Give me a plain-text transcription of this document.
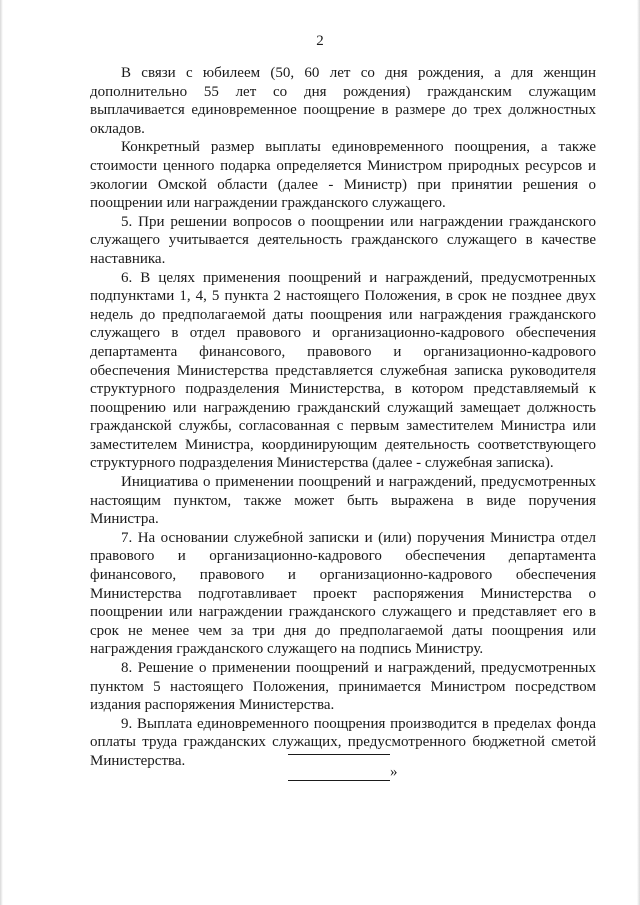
2

В связи с юбилеем (50, 60 лет со дня рождения, а для женщин дополнительно 55 лет со дня рождения) гражданским служащим выплачивается единовременное поощрение в размере до трех должностных окладов.

Конкретный размер выплаты единовременного поощрения, а также стоимости ценного подарка определяется Министром природных ресурсов и экологии Омской области (далее - Министр) при принятии решения о поощрении или награждении гражданского служащего.

5. При решении вопросов о поощрении или награждении гражданского служащего учитывается деятельность гражданского служащего в качестве наставника.

6. В целях применения поощрений и награждений, предусмотренных подпунктами 1, 4, 5 пункта 2 настоящего Положения, в срок не позднее двух недель до предполагаемой даты поощрения или награждения гражданского служащего в отдел правового и организационно-кадрового обеспечения департамента финансового, правового и организационно-кадрового обеспечения Министерства представляется служебная записка руководителя структурного подразделения Министерства, в котором представляемый к поощрению или награждению гражданский служащий замещает должность гражданской службы, согласованная с первым заместителем Министра или заместителем Министра, координирующим деятельность соответствующего структурного подразделения Министерства (далее - служебная записка).

Инициатива о применении поощрений и награждений, предусмотренных настоящим пунктом, также может быть выражена в виде поручения Министра.

7. На основании служебной записки и (или) поручения Министра отдел правового и организационно-кадрового обеспечения департамента финансового, правового и организационно-кадрового обеспечения Министерства подготавливает проект распоряжения Министерства о поощрении или награждении гражданского служащего и представляет его в срок не менее чем за три дня до предполагаемой даты поощрения или награждения гражданского служащего на подпись Министру.

8. Решение о применении поощрений и награждений, предусмотренных пунктом 5 настоящего Положения, принимается Министром посредством издания распоряжения Министерства.

9. Выплата единовременного поощрения производится в пределах фонда оплаты труда гражданских служащих, предусмотренного бюджетной сметой Министерства.

»
